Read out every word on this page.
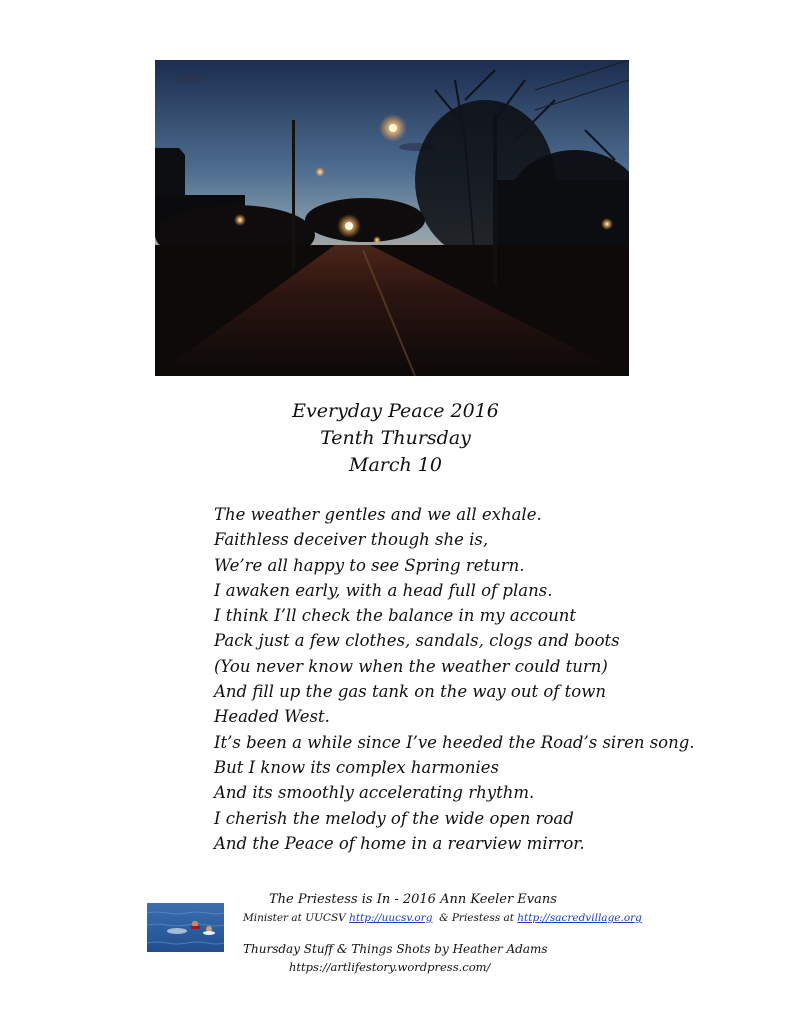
Everyday Peace 2016
Tenth Thursday
March 10
The weather gentles and we all exhale.
Faithless deceiver though she is,
We’re all happy to see Spring return.
I awaken early, with a head full of plans.
I think I’ll check the balance in my account
Pack just a few clothes, sandals, clogs and boots
(You never know when the weather could turn)
And fill up the gas tank on the way out of town
Headed West.
It’s been a while since I’ve heeded the Road’s siren song.
But I know its complex harmonies
And its smoothly accelerating rhythm.
I cherish the melody of the wide open road
And the Peace of home in a rearview mirror.
The Priestess is In - 2016 Ann Keeler Evans
Minister at UUCSV http://uucsv.org  & Priestess at http://sacredvillage.org
Thursday Stuff & Things Shots by Heather Adams
https://artlifestory.wordpress.com/
